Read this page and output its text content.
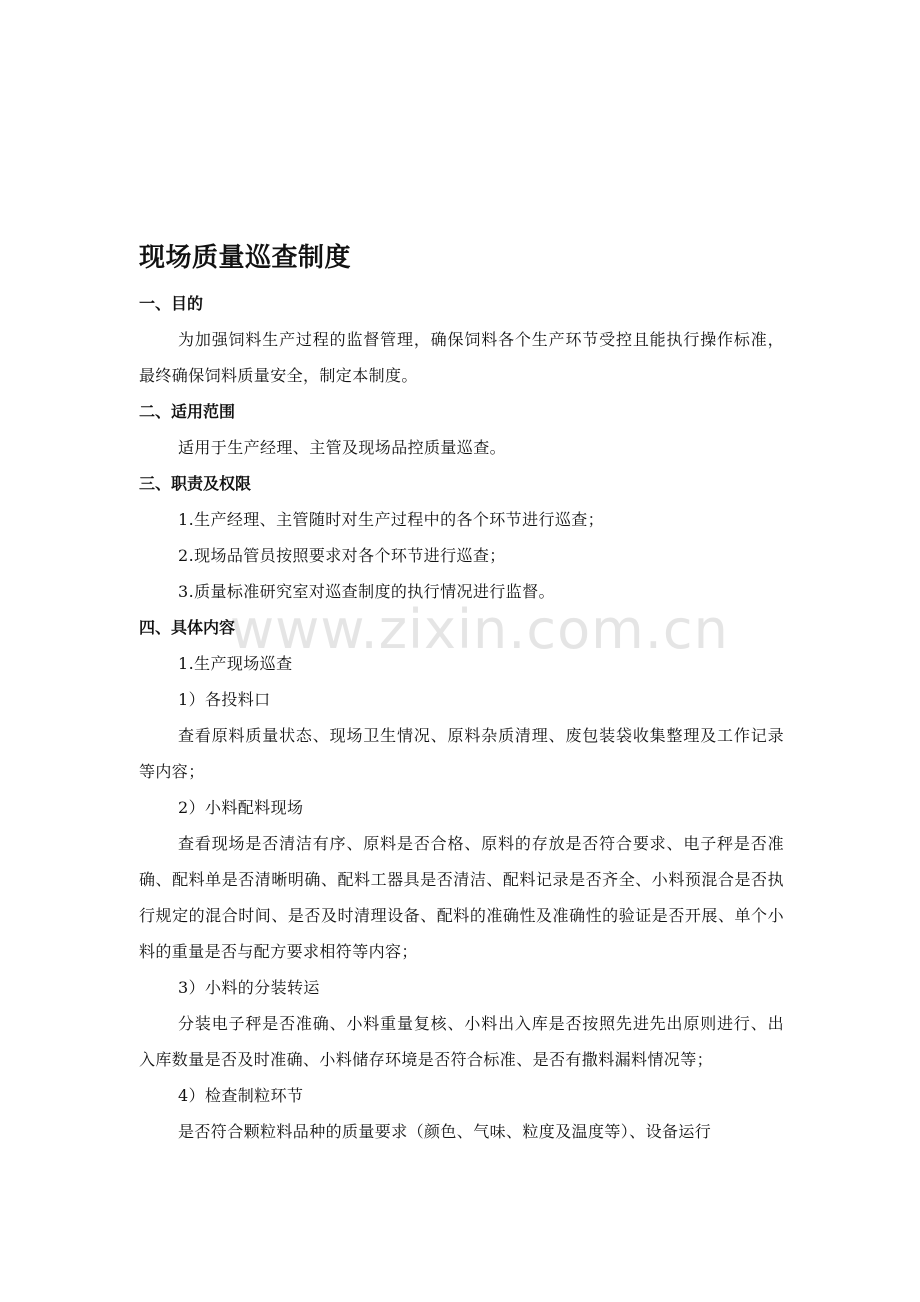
现场质量巡查制度
一、目的

为加强饲料生产过程的监督管理，确保饲料各个生产环节受控且能执行操作标准，最终确保饲料质量安全，制定本制度。

二、适用范围

适用于生产经理、主管及现场品控质量巡查。

三、职责及权限

1.生产经理、主管随时对生产过程中的各个环节进行巡查；

2.现场品管员按照要求对各个环节进行巡查；

3.质量标准研究室对巡查制度的执行情况进行监督。

四、具体内容

1.生产现场巡查

1）各投料口

查看原料质量状态、现场卫生情况、原料杂质清理、废包装袋收集整理及工作记录等内容；

2）小料配料现场

查看现场是否清洁有序、原料是否合格、原料的存放是否符合要求、电子秤是否准确、配料单是否清晰明确、配料工器具是否清洁、配料记录是否齐全、小料预混合是否执行规定的混合时间、是否及时清理设备、配料的准确性及准确性的验证是否开展、单个小料的重量是否与配方要求相符等内容；

3）小料的分装转运

分装电子秤是否准确、小料重量复核、小料出入库是否按照先进先出原则进行、出入库数量是否及时准确、小料储存环境是否符合标准、是否有撒料漏料情况等；

4）检查制粒环节

是否符合颗粒料品种的质量要求（颜色、气味、粒度及温度等）、设备运行

www.zixin.com.cn
